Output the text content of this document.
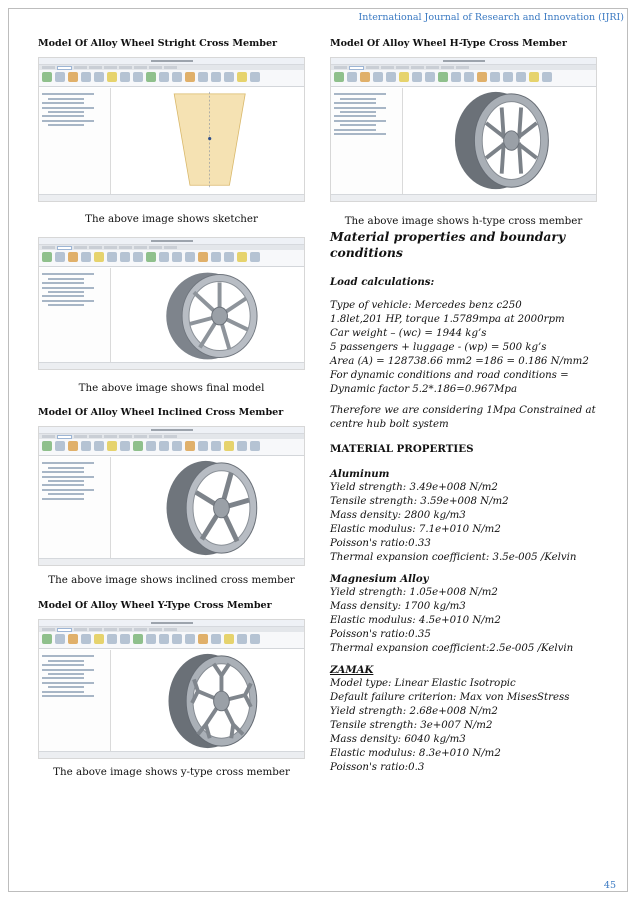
International Journal of Research and Innovation (IJRI)
Model Of Alloy Wheel Stright Cross Member
The above image shows sketcher
The above image shows final model
Model Of Alloy Wheel Inclined Cross Member
The above image shows inclined cross member
Model Of Alloy Wheel Y-Type Cross Member
The above image shows y-type cross member
Model Of Alloy Wheel H-Type Cross Member
The above image shows h-type cross member
Material properties and boundary conditions
Load calculations:
Type of vehicle: Mercedes benz c250
1.8let,201 HP, torque 1.5789mpa at 2000rpm
Car weight – (wc) = 1944 kg’s
5 passengers + luggage - (wp) = 500 kg’s
Area (A) = 128738.66 mm2 =186 = 0.186 N/mm2
For dynamic conditions and road conditions =
Dynamic factor 5.2*.186=0.967Mpa
Therefore we are considering 1Mpa Constrained at
centre hub bolt system
MATERIAL PROPERTIES
Aluminum
Yield strength: 3.49e+008 N/m2
Tensile strength: 3.59e+008 N/m2
Mass density: 2800 kg/m3
Elastic modulus: 7.1e+010 N/m2
Poisson's ratio:0.33
Thermal expansion coefficient: 3.5e-005 /Kelvin
Magnesium Alloy
Yield strength: 1.05e+008 N/m2
Mass density: 1700 kg/m3
Elastic modulus: 4.5e+010 N/m2
Poisson's ratio:0.35
Thermal expansion coefficient:2.5e-005 /Kelvin
ZAMAK
Model type: Linear Elastic Isotropic
Default failure criterion: Max von MisesStress
Yield strength: 2.68e+008 N/m2
Tensile strength: 3e+007 N/m2
Mass density: 6040 kg/m3
Elastic modulus: 8.3e+010 N/m2
Poisson's ratio:0.3
45
